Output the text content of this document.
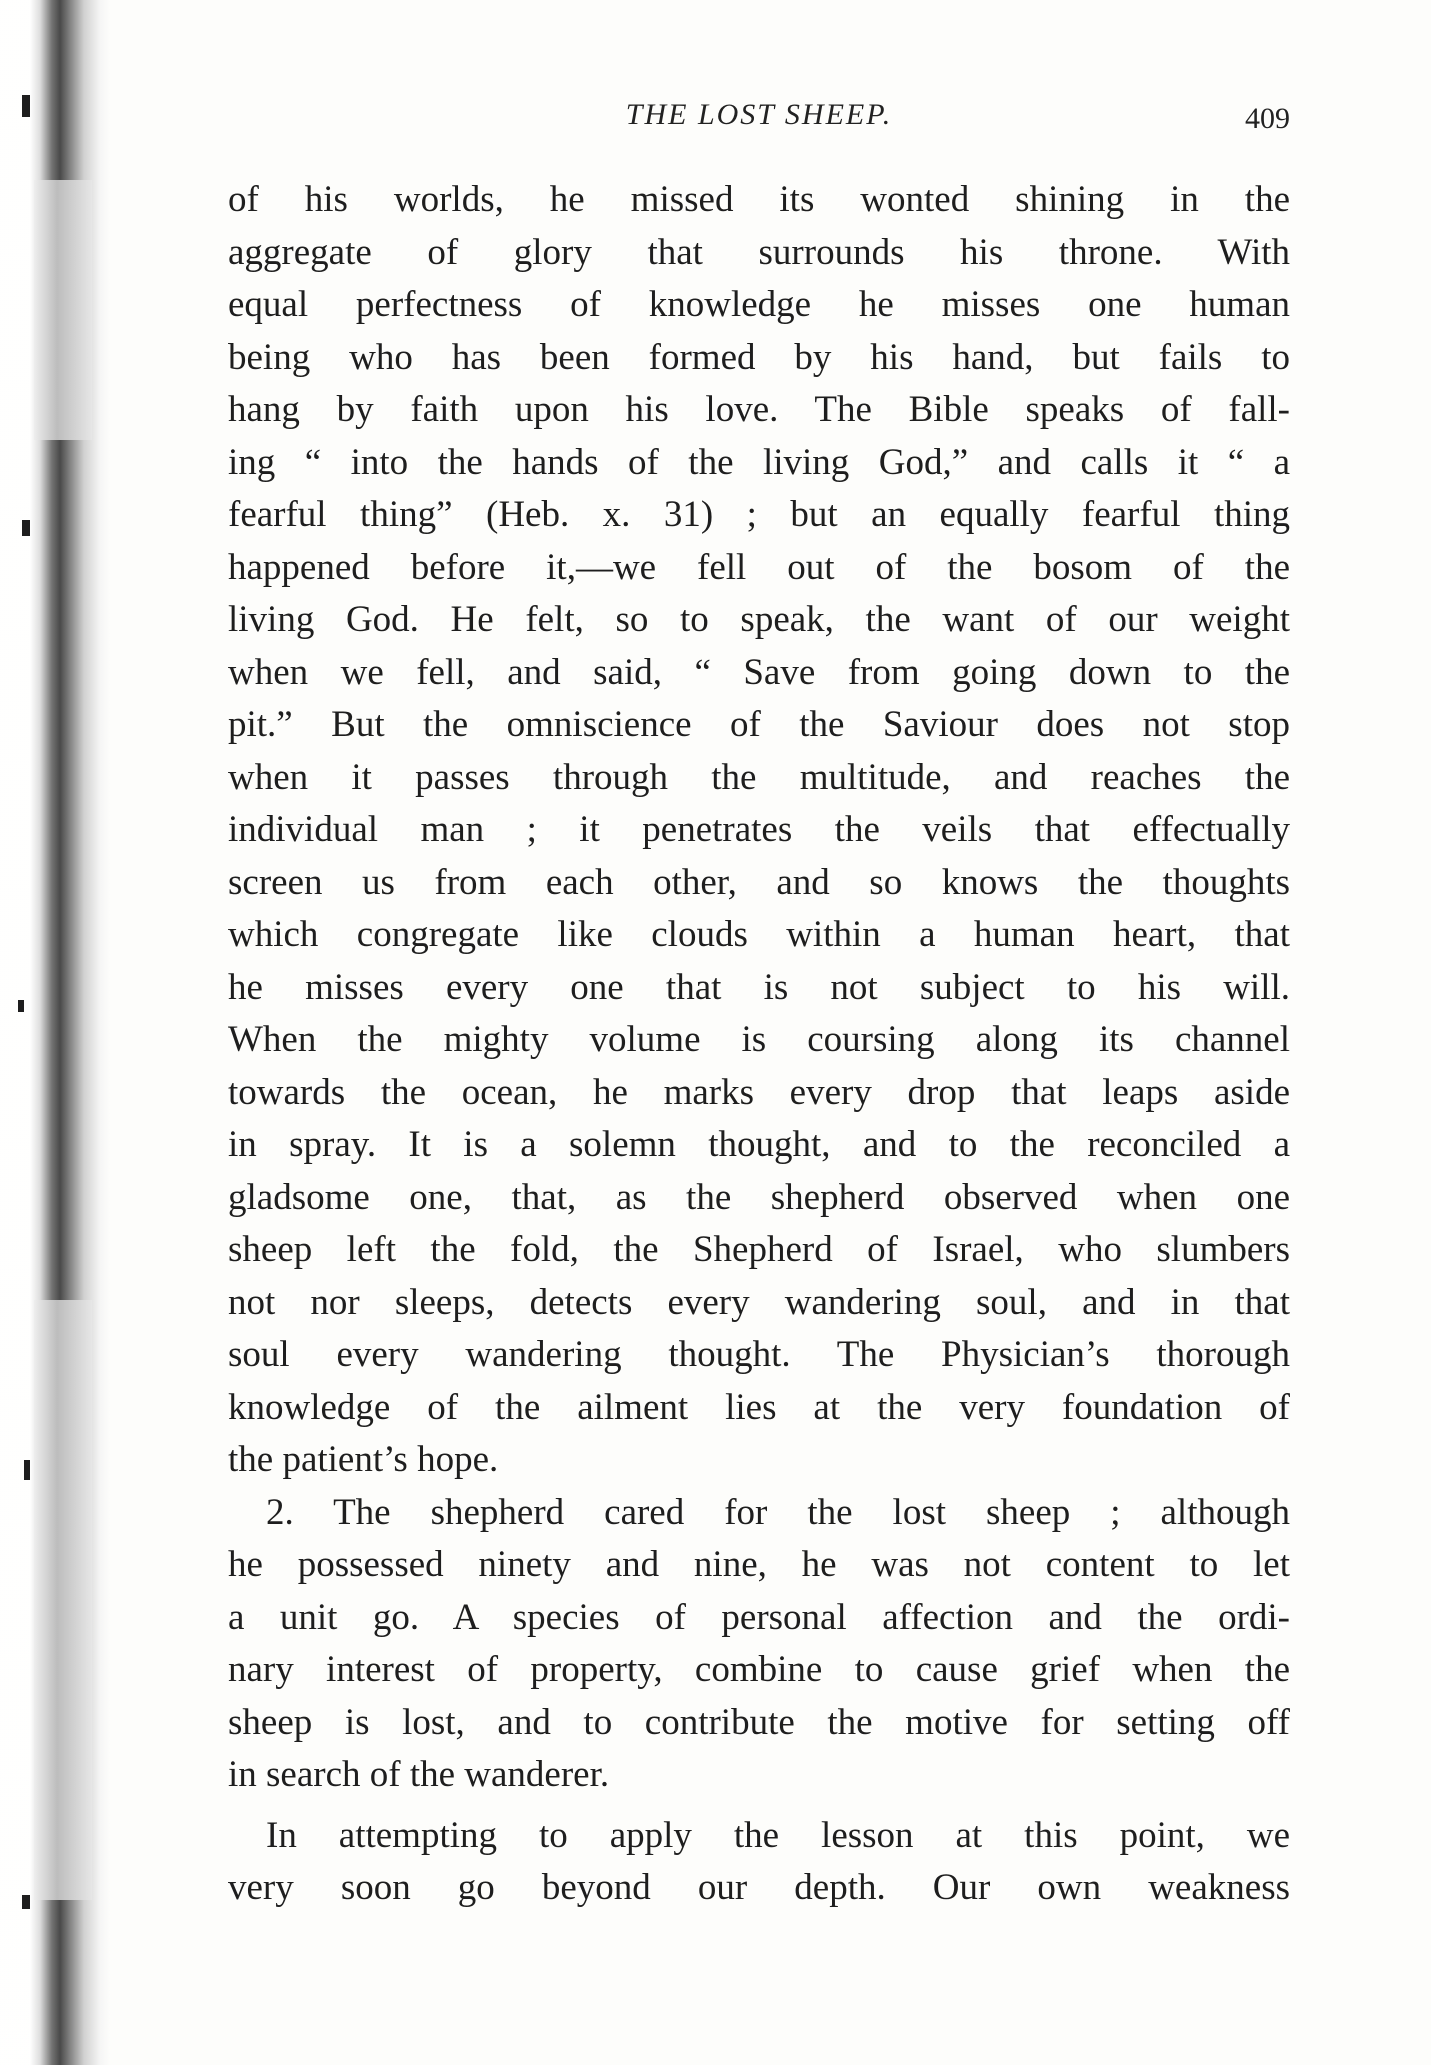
THE LOST SHEEP.	409
of his worlds, he missed its wonted shining in the
aggregate of glory that surrounds his throne. With
equal perfectness of knowledge he misses one human
being who has been formed by his hand, but fails to
hang by faith upon his love. The Bible speaks of fall-
ing “ into the hands of the living God,” and calls it “ a
fearful thing” (Heb. x. 31) ; but an equally fearful thing
happened before it,—we fell out of the bosom of the
living God. He felt, so to speak, the want of our weight
when we fell, and said, “ Save from going down to the
pit.” But the omniscience of the Saviour does not stop
when it passes through the multitude, and reaches the
individual man ; it penetrates the veils that effectually
screen us from each other, and so knows the thoughts
which congregate like clouds within a human heart, that
he misses every one that is not subject to his will.
When the mighty volume is coursing along its channel
towards the ocean, he marks every drop that leaps aside
in spray. It is a solemn thought, and to the reconciled a
gladsome one, that, as the shepherd observed when one
sheep left the fold, the Shepherd of Israel, who slumbers
not nor sleeps, detects every wandering soul, and in that
soul every wandering thought. The Physician’s thorough
knowledge of the ailment lies at the very foundation of
the patient’s hope.
2. The shepherd cared for the lost sheep ; although
he possessed ninety and nine, he was not content to let
a unit go. A species of personal affection and the ordi-
nary interest of property, combine to cause grief when the
sheep is lost, and to contribute the motive for setting off
in search of the wanderer.
In attempting to apply the lesson at this point, we
very soon go beyond our depth. Our own weakness
